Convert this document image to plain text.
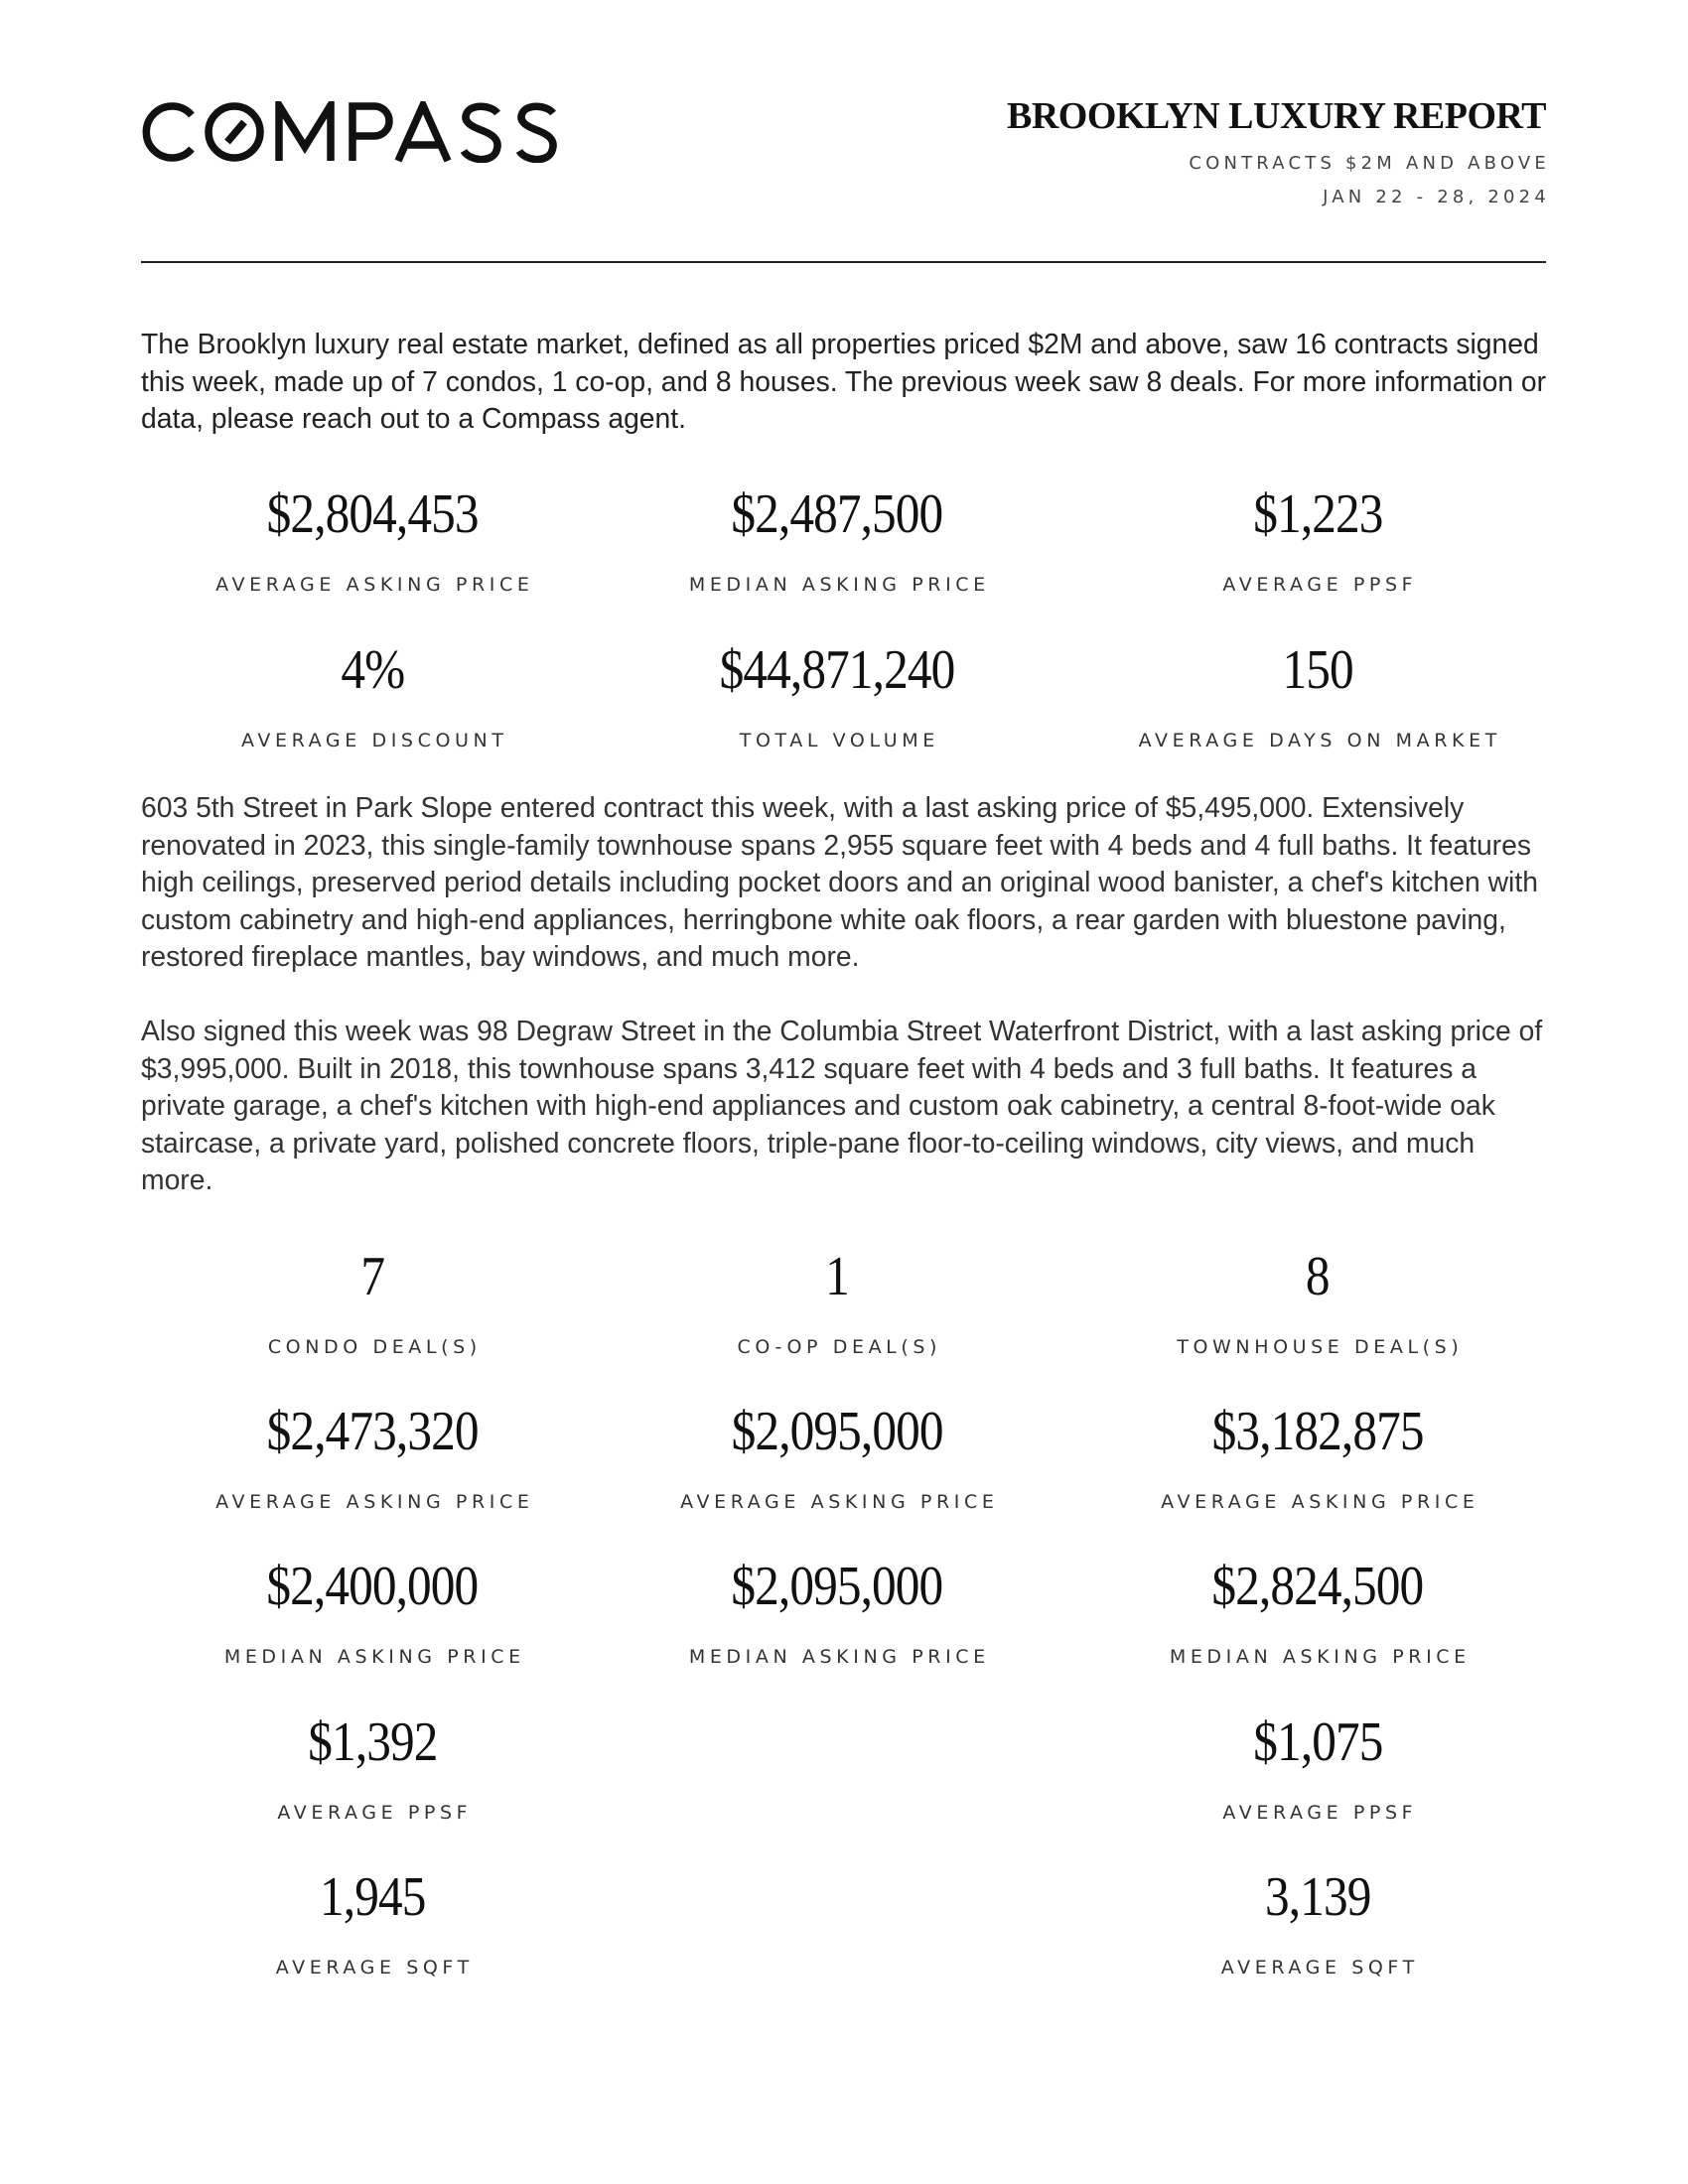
BROOKLYN LUXURY REPORT
CONTRACTS $2M AND ABOVE
JAN 22 - 28, 2024

The Brooklyn luxury real estate market, defined as all properties priced $2M and above, saw 16 contracts signed this week, made up of 7 condos, 1 co-op, and 8 houses. The previous week saw 8 deals. For more information or data, please reach out to a Compass agent.

$2,804,453
AVERAGE ASKING PRICE
$2,487,500
MEDIAN ASKING PRICE
$1,223
AVERAGE PPSF
4%
AVERAGE DISCOUNT
$44,871,240
TOTAL VOLUME
150
AVERAGE DAYS ON MARKET

603 5th Street in Park Slope entered contract this week, with a last asking price of $5,495,000. Extensively renovated in 2023, this single-family townhouse spans 2,955 square feet with 4 beds and 4 full baths. It features high ceilings, preserved period details including pocket doors and an original wood banister, a chef's kitchen with custom cabinetry and high-end appliances, herringbone white oak floors, a rear garden with bluestone paving, restored fireplace mantles, bay windows, and much more.

Also signed this week was 98 Degraw Street in the Columbia Street Waterfront District, with a last asking price of $3,995,000. Built in 2018, this townhouse spans 3,412 square feet with 4 beds and 3 full baths. It features a private garage, a chef's kitchen with high-end appliances and custom oak cabinetry, a central 8-foot-wide oak staircase, a private yard, polished concrete floors, triple-pane floor-to-ceiling windows, city views, and much more.

7
CONDO DEAL(S)
$2,473,320
AVERAGE ASKING PRICE
$2,400,000
MEDIAN ASKING PRICE
$1,392
AVERAGE PPSF
1,945
AVERAGE SQFT
1
CO-OP DEAL(S)
$2,095,000
AVERAGE ASKING PRICE
$2,095,000
MEDIAN ASKING PRICE
8
TOWNHOUSE DEAL(S)
$3,182,875
AVERAGE ASKING PRICE
$2,824,500
MEDIAN ASKING PRICE
$1,075
AVERAGE PPSF
3,139
AVERAGE SQFT
